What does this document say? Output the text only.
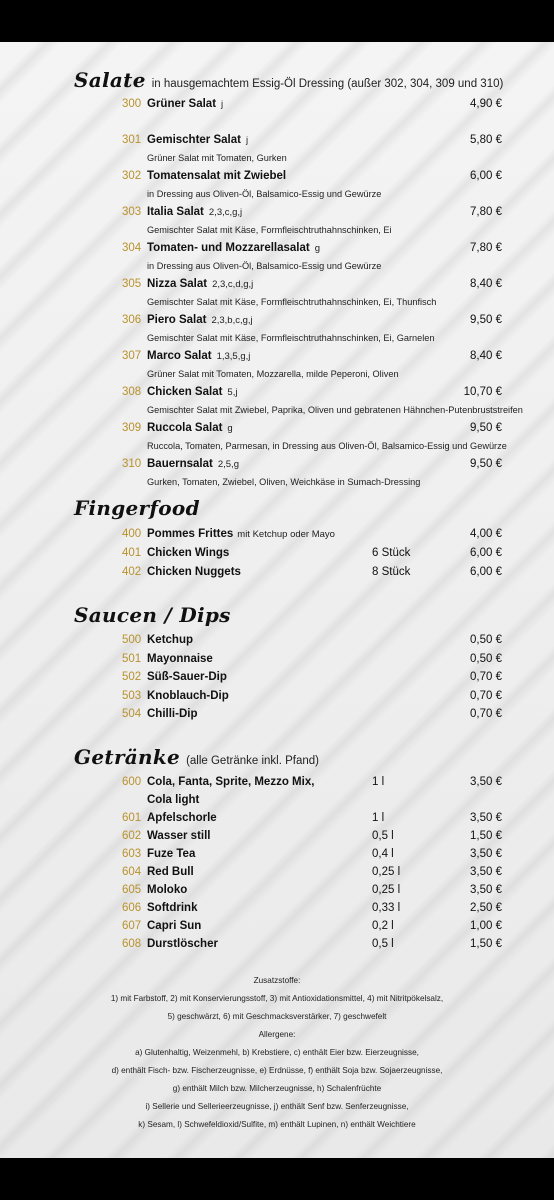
Salate in hausgemachtem Essig-Öl Dressing (außer 302, 304, 309 und 310)
300 Grüner Salat j	4,90 €
301 Gemischter Salat j	5,80 €
Grüner Salat mit Tomaten, Gurken
302 Tomatensalat mit Zwiebel	6,00 €
in Dressing aus Oliven-Öl, Balsamico-Essig und Gewürze
303 Italia Salat 2,3,c,g,j	7,80 €
Gemischter Salat mit Käse, Formfleischtruthahnschinken, Ei
304 Tomaten- und Mozzarellasalat g	7,80 €
in Dressing aus Oliven-Öl, Balsamico-Essig und Gewürze
305 Nizza Salat 2,3,c,d,g,j	8,40 €
Gemischter Salat mit Käse, Formfleischtruthahnschinken, Ei, Thunfisch
306 Piero Salat 2,3,b,c,g,j	9,50 €
Gemischter Salat mit Käse, Formfleischtruthahnschinken, Ei, Garnelen
307 Marco Salat 1,3,5,g,j	8,40 €
Grüner Salat mit Tomaten, Mozzarella, milde Peperoni, Oliven
308 Chicken Salat 5,j	10,70 €
Gemischter Salat mit Zwiebel, Paprika, Oliven und gebratenen Hähnchen-Putenbruststreifen
309 Ruccola Salat g	9,50 €
Ruccola, Tomaten, Parmesan, in Dressing aus Oliven-Öl, Balsamico-Essig und Gewürze
310 Bauernsalat 2,5,g	9,50 €
Gurken, Tomaten, Zwiebel, Oliven, Weichkäse in Sumach-Dressing
Fingerfood
400 Pommes Frittes mit Ketchup oder Mayo	4,00 €
401 Chicken Wings	6 Stück	6,00 €
402 Chicken Nuggets	8 Stück	6,00 €
Saucen / Dips
500 Ketchup	0,50 €
501 Mayonnaise	0,50 €
502 Süß-Sauer-Dip	0,70 €
503 Knoblauch-Dip	0,70 €
504 Chilli-Dip	0,70 €
Getränke (alle Getränke inkl. Pfand)
600 Cola, Fanta, Sprite, Mezzo Mix,	1 l	3,50 €
Cola light
601 Apfelschorle	1 l	3,50 €
602 Wasser still	0,5 l	1,50 €
603 Fuze Tea	0,4 l	3,50 €
604 Red Bull	0,25 l	3,50 €
605 Moloko	0,25 l	3,50 €
606 Softdrink	0,33 l	2,50 €
607 Capri Sun	0,2 l	1,00 €
608 Durstlöscher	0,5 l	1,50 €
Zusatzstoffe:
1) mit Farbstoff, 2) mit Konservierungsstoff, 3) mit Antioxidationsmittel, 4) mit Nitritpökelsalz,
5) geschwärzt, 6) mit Geschmacksverstärker, 7) geschwefelt
Allergene:
a) Glutenhaltig, Weizenmehl, b) Krebstiere, c) enthält Eier bzw. Eierzeugnisse,
d) enthält Fisch- bzw. Fischerzeugnisse, e) Erdnüsse, f) enthält Soja bzw. Sojaerzeugnisse,
g) enthält Milch bzw. Milcherzeugnisse, h) Schalenfrüchte
i) Sellerie und Sellerieerzeugnisse, j) enthält Senf bzw. Senferzeugnisse,
k) Sesam, l) Schwefeldioxid/Sulfite, m) enthält Lupinen, n) enthält Weichtiere
